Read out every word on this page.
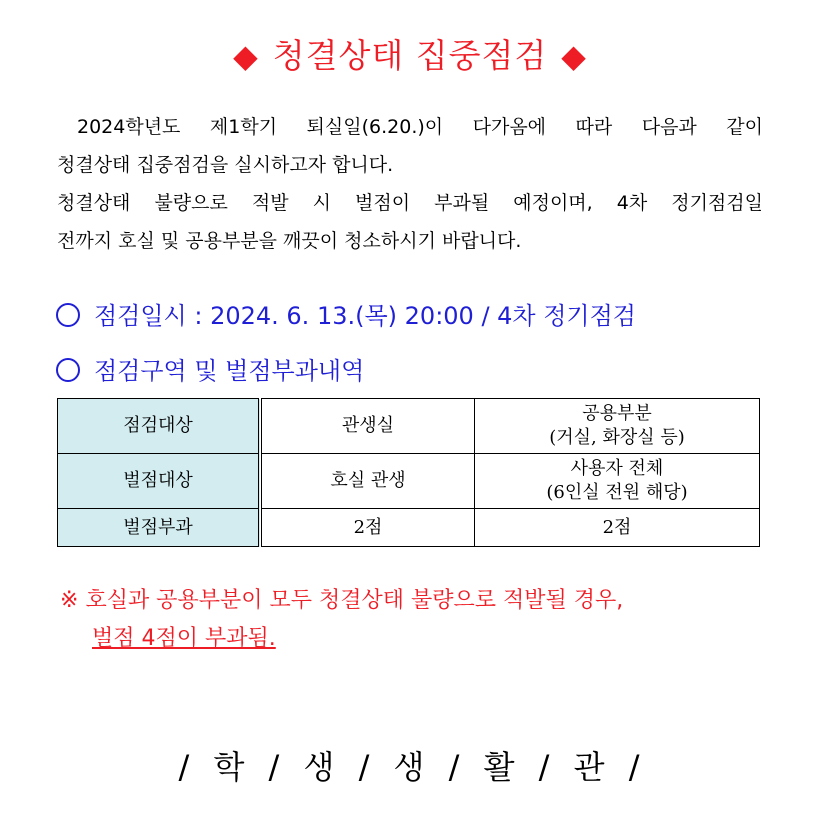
◆ 청결상태 집중점검 ◆

2024학년도 제1학기 퇴실일(6.20.)이 다가옴에 따라 다음과 같이

청결상태 집중점검을 실시하고자 합니다.

청결상태 불량으로 적발 시 벌점이 부과될 예정이며, 4차 정기점검일

전까지 호실 및 공용부분을 깨끗이 청소하시기 바랍니다.

점검일시 : 2024. 6. 13.(목) 20:00 / 4차 정기점검
점검구역 및 벌점부과내역
점검대상	관생실	공용부분
(거실, 화장실 등)

벌점대상	호실 관생	사용자 전체
(6인실 전원 해당)

벌점부과	2점	2점
※ 호실과 공용부분이 모두 청결상태 불량으로 적발될 경우,
벌점 4점이 부과됨.
/ 학 / 생 / 생 / 활 / 관 /
